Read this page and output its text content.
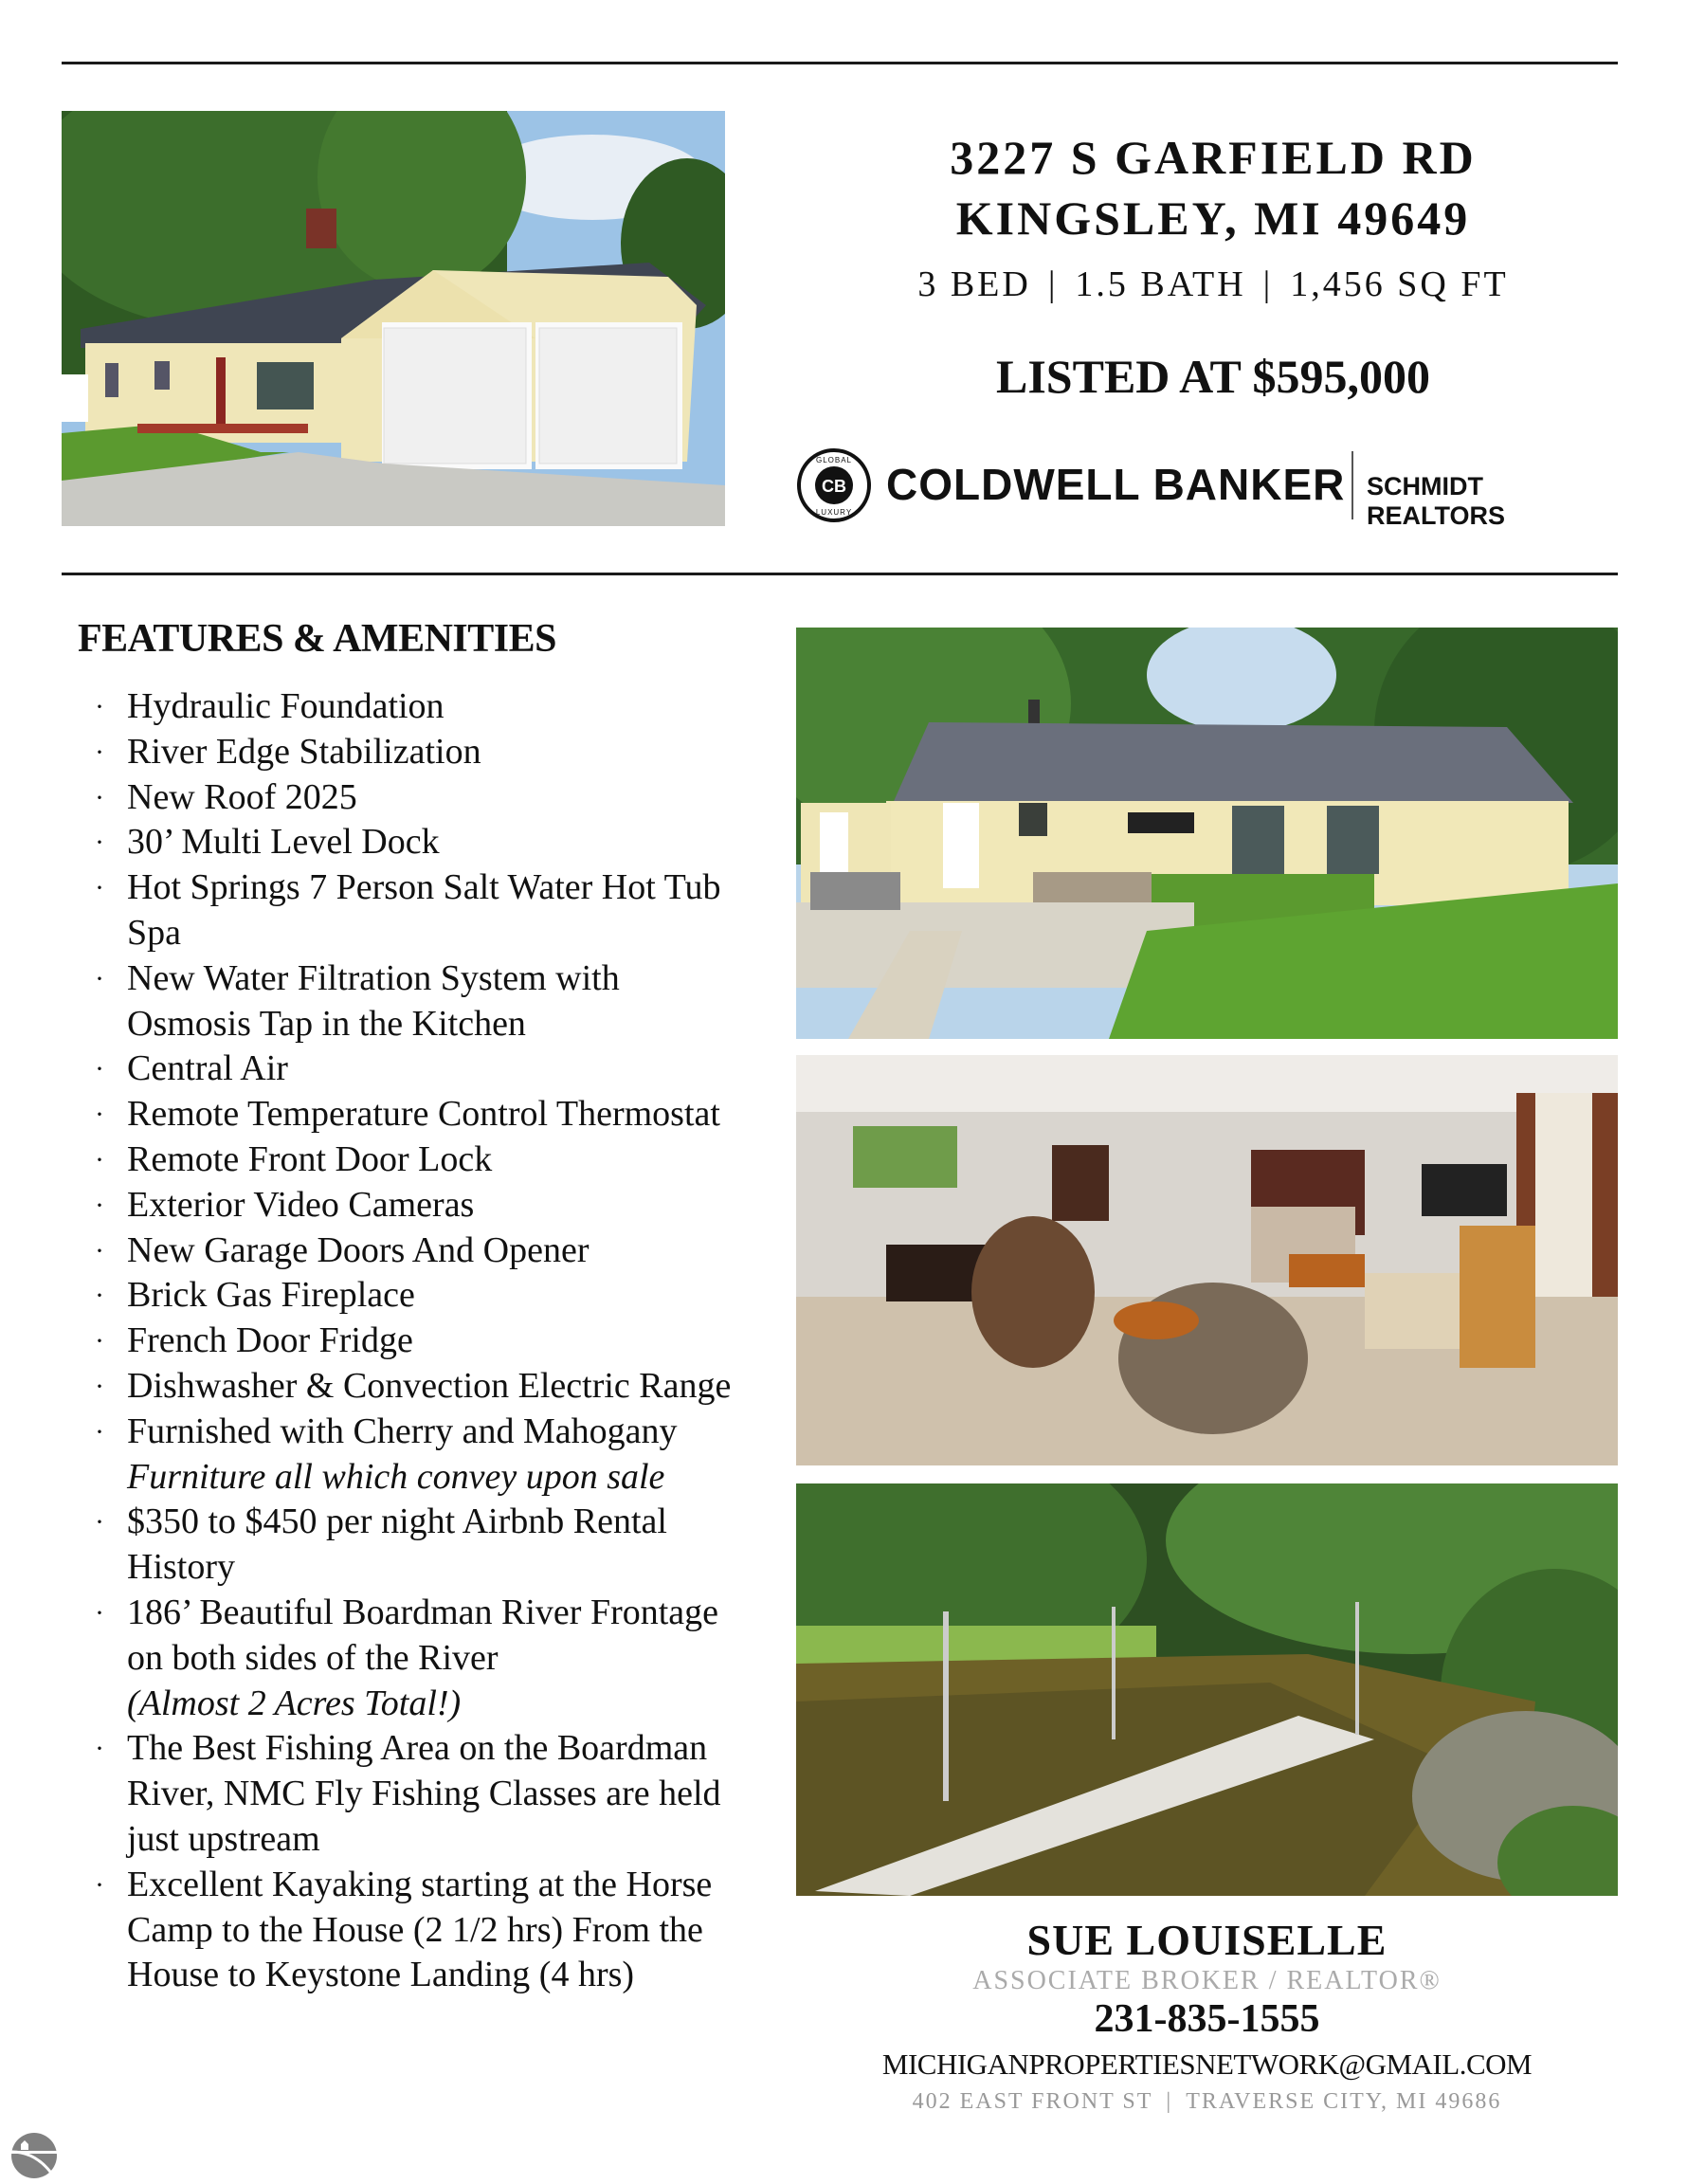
3227 S GARFIELD RD
KINGSLEY, MI 49649
3 BED | 1.5 BATH | 1,456 SQ FT
LISTED AT $595,000
CB
GLOBAL
LUXURY
COLDWELL BANKER SCHMIDT REALTORS
FEATURES & AMENITIES
· Hydraulic Foundation
· River Edge Stabilization
· New Roof 2025
· 30’ Multi Level Dock
· Hot Springs 7 Person Salt Water Hot Tub Spa
· New Water Filtration System with Osmosis Tap in the Kitchen
· Central Air
· Remote Temperature Control Thermostat
· Remote Front Door Lock
· Exterior Video Cameras
· New Garage Doors And Opener
· Brick Gas Fireplace
· French Door Fridge
· Dishwasher & Convection Electric Range
· Furnished with Cherry and Mahogany
Furniture all which convey upon sale
· $350 to $450 per night Airbnb Rental History
· 186’ Beautiful Boardman River Frontage on both sides of the River
(Almost 2 Acres Total!)
· The Best Fishing Area on the Boardman River, NMC Fly Fishing Classes are held just upstream
· Excellent Kayaking starting at the Horse Camp to the House (2 1/2 hrs) From the House to Keystone Landing (4 hrs)
SUE LOUISELLE
ASSOCIATE BROKER / REALTOR®
231-835-1555
MICHIGANPROPERTIESNETWORK@GMAIL.COM
402 EAST FRONT ST | TRAVERSE CITY, MI 49686
